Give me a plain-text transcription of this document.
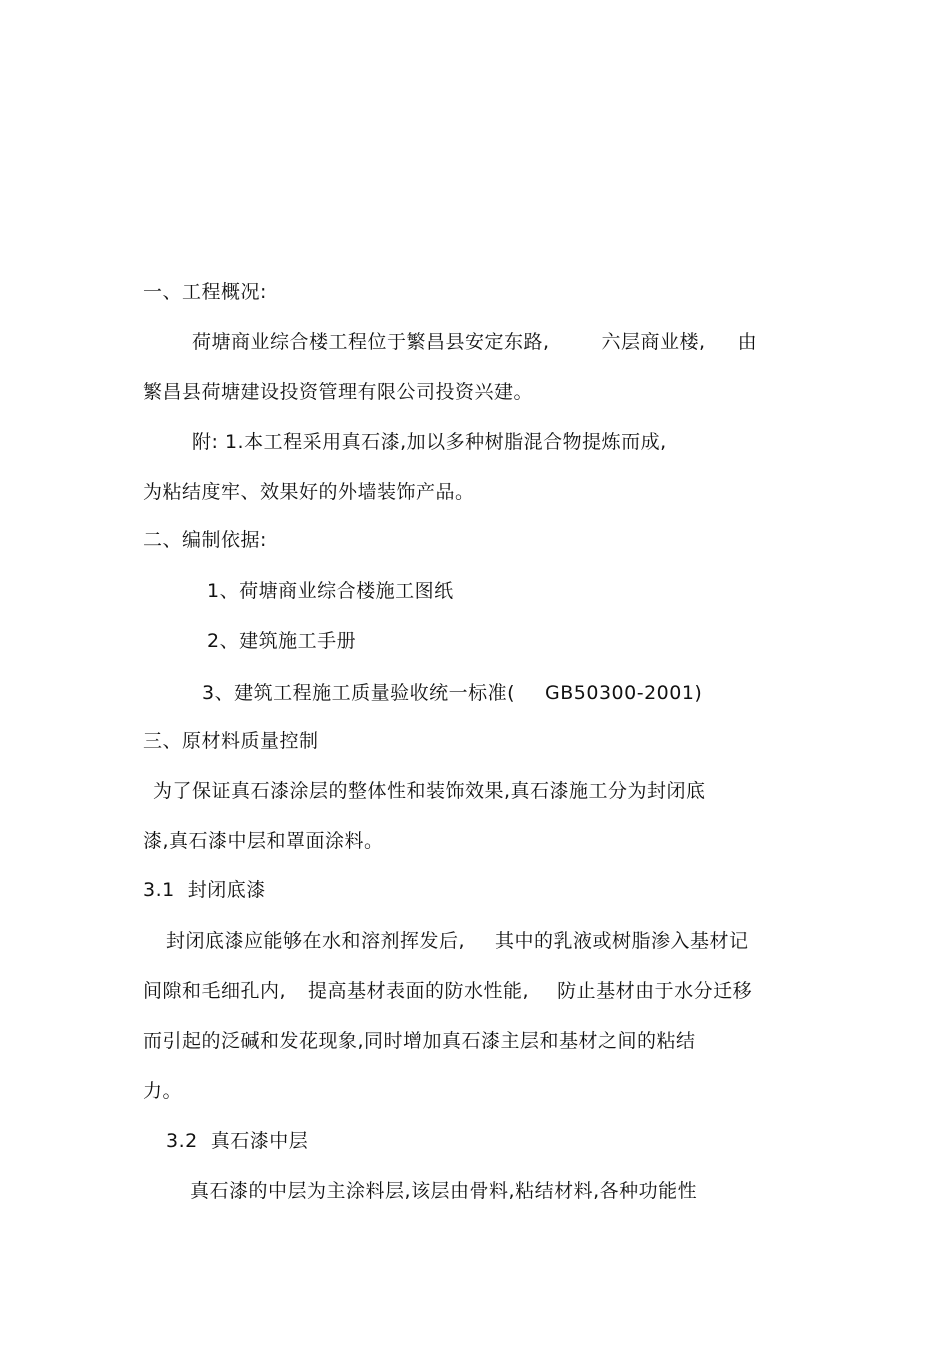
一、工程概况:
荷塘商业综合楼工程位于繁昌县安定东路,	六层商业楼, 由
繁昌县荷塘建设投资管理有限公司投资兴建。
附: 1.本工程采用真石漆,加以多种树脂混合物提炼而成,
为粘结度牢、效果好的外墙装饰产品。
二、编制依据:
1、荷塘商业综合楼施工图纸
2、建筑施工手册
3、建筑工程施工质量验收统一标准( GB50300-2001)
三、原材料质量控制
为了保证真石漆涂层的整体性和装饰效果,真石漆施工分为封闭底
漆,真石漆中层和罩面涂料。
3.1  封闭底漆
封闭底漆应能够在水和溶剂挥发后, 其中的乳液或树脂渗入基材记
间隙和毛细孔内, 提高基材表面的防水性能, 防止基材由于水分迁移
而引起的泛碱和发花现象,同时增加真石漆主层和基材之间的粘结
力。
3.2  真石漆中层
真石漆的中层为主涂料层,该层由骨料,粘结材料,各种功能性
